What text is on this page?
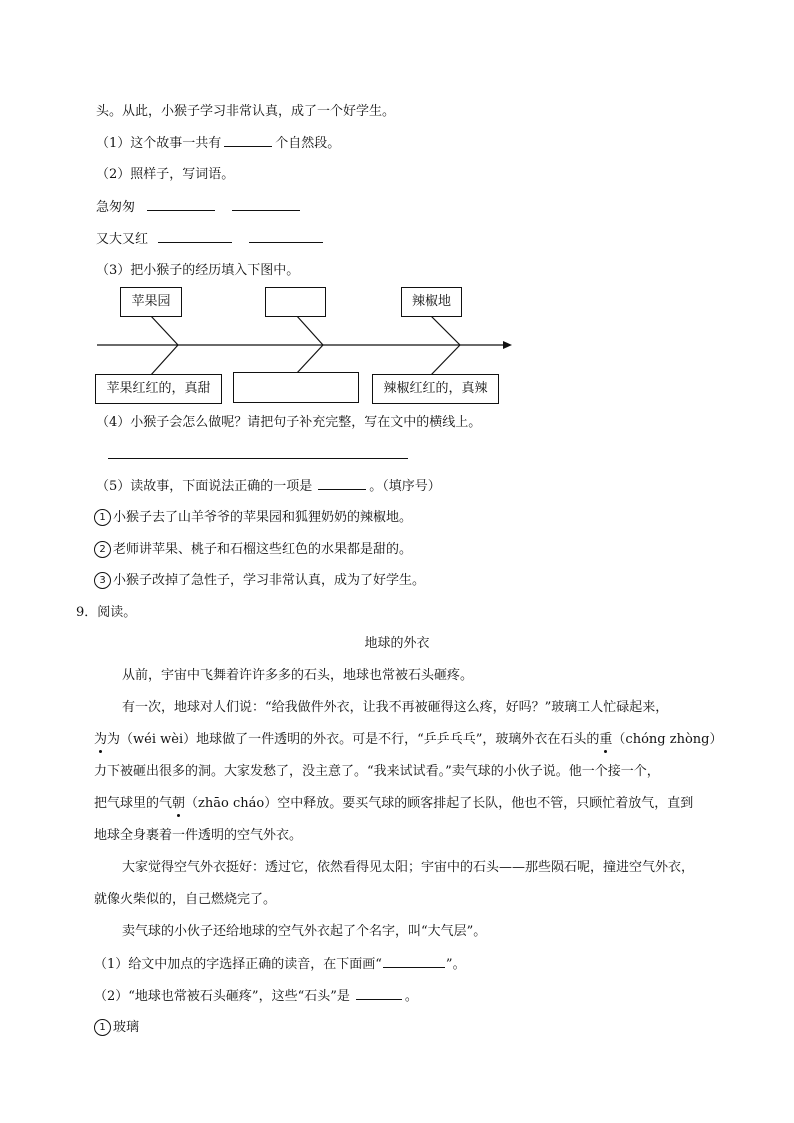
头。从此，小猴子学习非常认真，成了一个好学生。
（1）这个故事一共有	个自然段。
（2）照样子，写词语。
急匆匆
又大又红
（3）把小猴子的经历填入下图中。
苹果园	辣椒地
苹果红红的，真甜	辣椒红红的，真辣
（4）小猴子会怎么做呢？请把句子补充完整，写在文中的横线上。
（5）读故事，下面说法正确的一项是	。（填序号）
1 小猴子去了山羊爷爷的苹果园和狐狸奶奶的辣椒地。
2 老师讲苹果、桃子和石榴这些红色的水果都是甜的。
3 小猴子改掉了急性子，学习非常认真，成为了好学生。
9．阅读。
地球的外衣
从前，宇宙中飞舞着许许多多的石头，地球也常被石头砸疼。
有一次，地球对人们说：“给我做件外衣，让我不再被砸得这么疼，好吗？”玻璃工人忙碌起来，
为为（wéi wèi）地球做了一件透明的外衣。可是不行，“乒乒乓乓”，玻璃外衣在石头的重（chóng zhòng）
力下被砸出很多的洞。大家发愁了，没主意了。“我来试试看。”卖气球的小伙子说。他一个接一个，
把气球里的气朝（zhāo cháo）空中释放。要买气球的顾客排起了长队，他也不管，只顾忙着放气，直到
地球全身裹着一件透明的空气外衣。
大家觉得空气外衣挺好：透过它，依然看得见太阳；宇宙中的石头——那些陨石呢，撞进空气外衣，
就像火柴似的，自己燃烧完了。
卖气球的小伙子还给地球的空气外衣起了个名字，叫“大气层”。
（1）给文中加点的字选择正确的读音，在下面画“	”。
（2）“地球也常被石头砸疼”，这些“石头”是	。
1 玻璃
